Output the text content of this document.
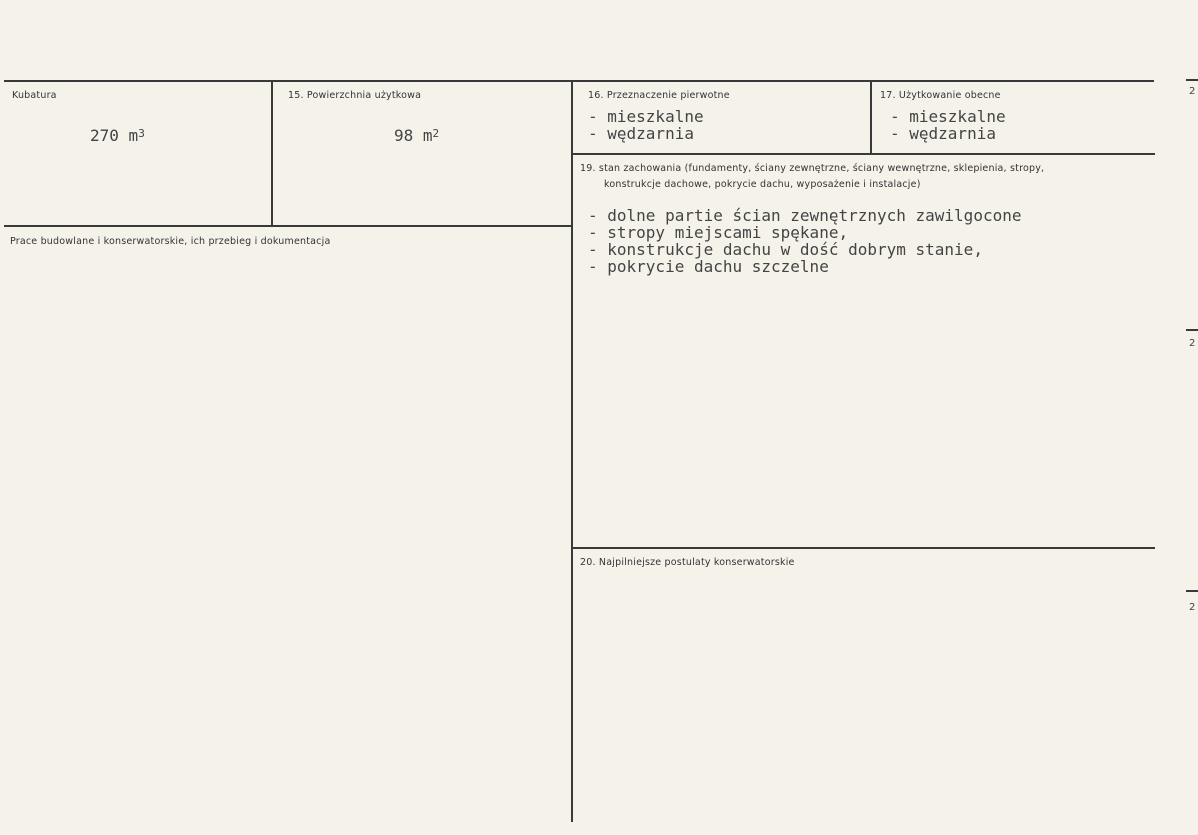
Kubatura
270 $m^3$
15. Powierzchnia użytkowa
98 $m^2$
16. Przeznaczenie pierwotne
- mieszkalne
- wędzarnia
17. Użytkowanie obecne
- mieszkalne
- wędzarnia
Prace budowlane i konserwatorskie, ich przebieg i dokumentacja
19. stan zachowania (fundamenty, ściany zewnętrzne, ściany wewnętrzne, sklepienia, stropy,
konstrukcje dachowe, pokrycie dachu, wyposażenie i instalacje)
- dolne partie ścian zewnętrznych zawilgocone
- stropy miejscami spękane,
- konstrukcje dachu w dość dobrym stanie,
- pokrycie dachu szczelne
20. Najpilniejsze postulaty konserwatorskie
2
2
2
